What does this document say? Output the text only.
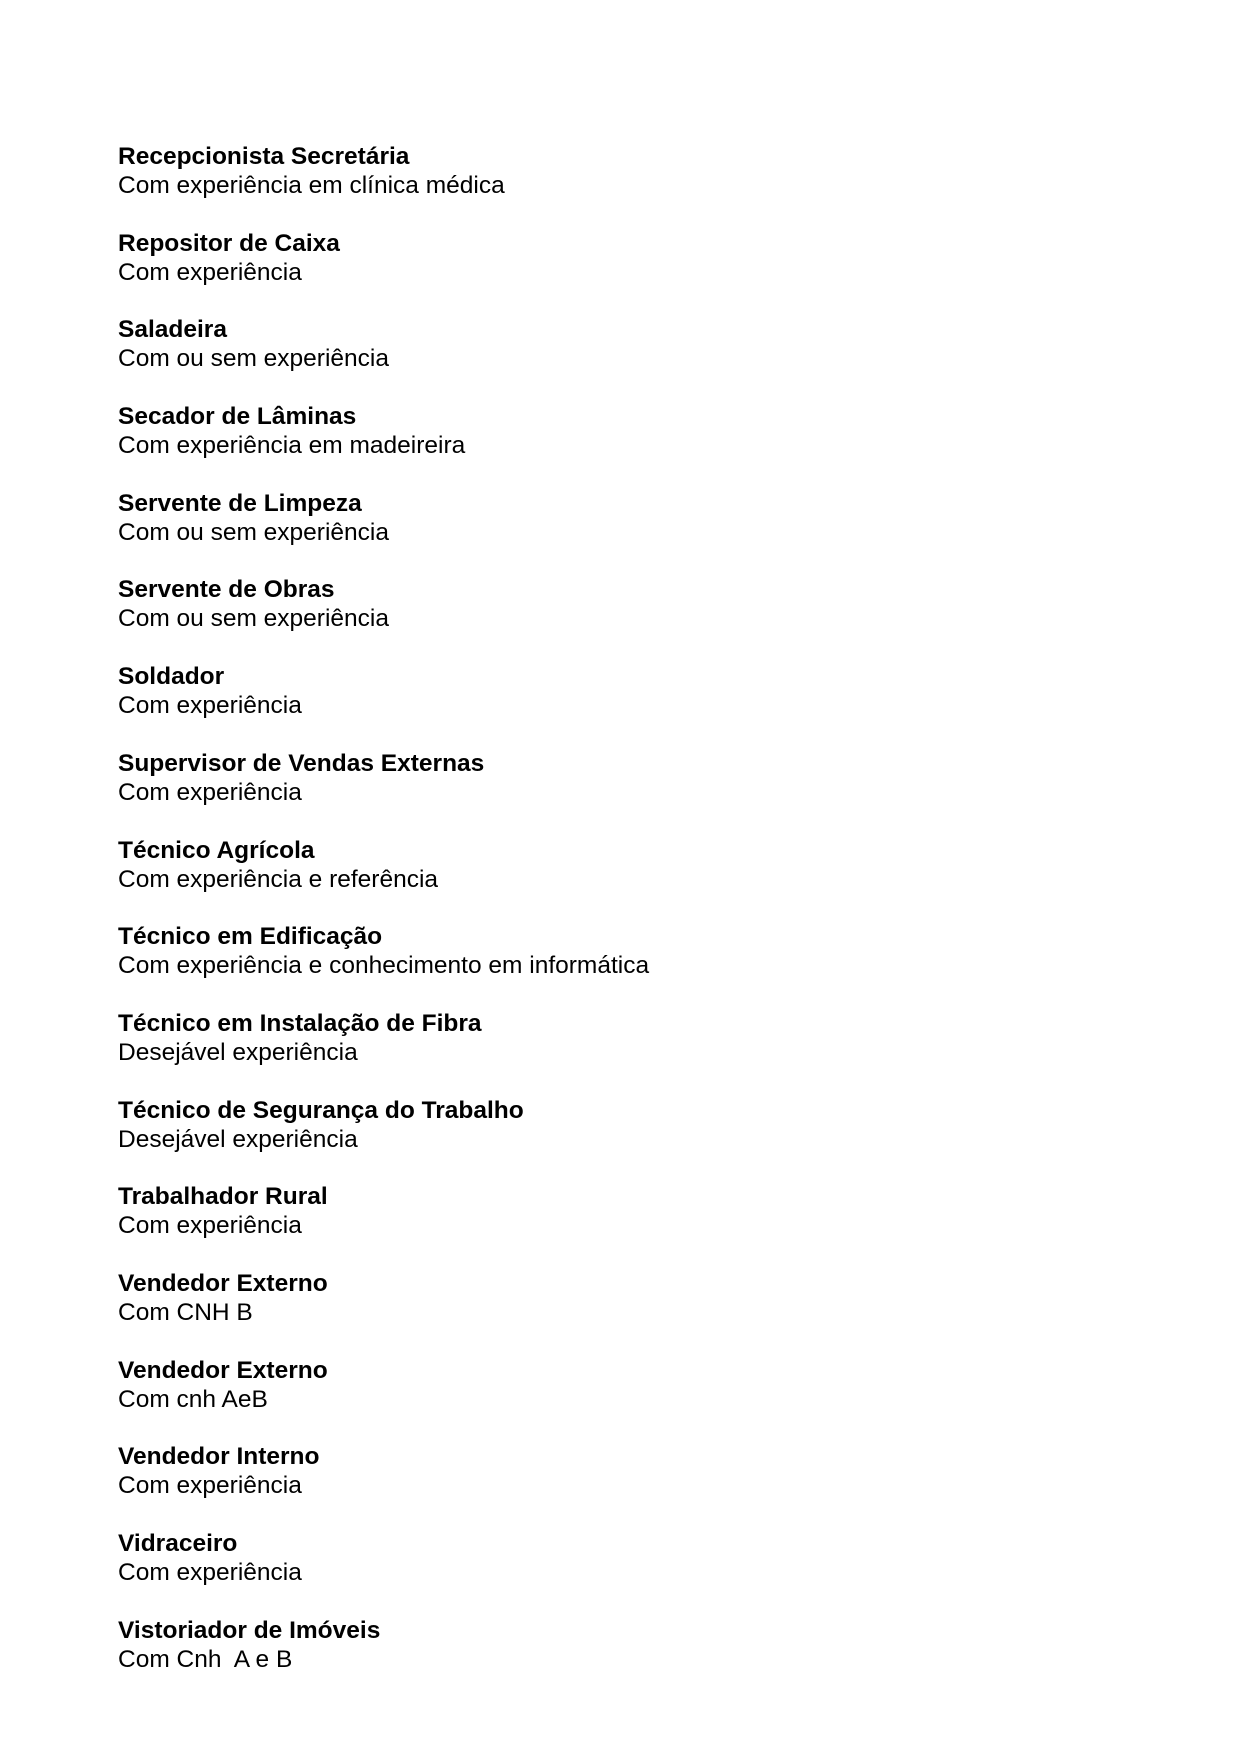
Recepcionista Secretária
Com experiência em clínica médica
Repositor de Caixa
Com experiência
Saladeira
Com ou sem experiência
Secador de Lâminas
Com experiência em madeireira
Servente de Limpeza
Com ou sem experiência
Servente de Obras
Com ou sem experiência
Soldador
Com experiência
Supervisor de Vendas Externas
Com experiência
Técnico Agrícola
Com experiência e referência
Técnico em Edificação
Com experiência e conhecimento em informática
Técnico em Instalação de Fibra
Desejável experiência
Técnico de Segurança do Trabalho
Desejável experiência
Trabalhador Rural
Com experiência
Vendedor Externo
Com CNH B
Vendedor Externo
Com cnh AeB
Vendedor Interno
Com experiência
Vidraceiro
Com experiência
Vistoriador de Imóveis
Com Cnh  A e B
